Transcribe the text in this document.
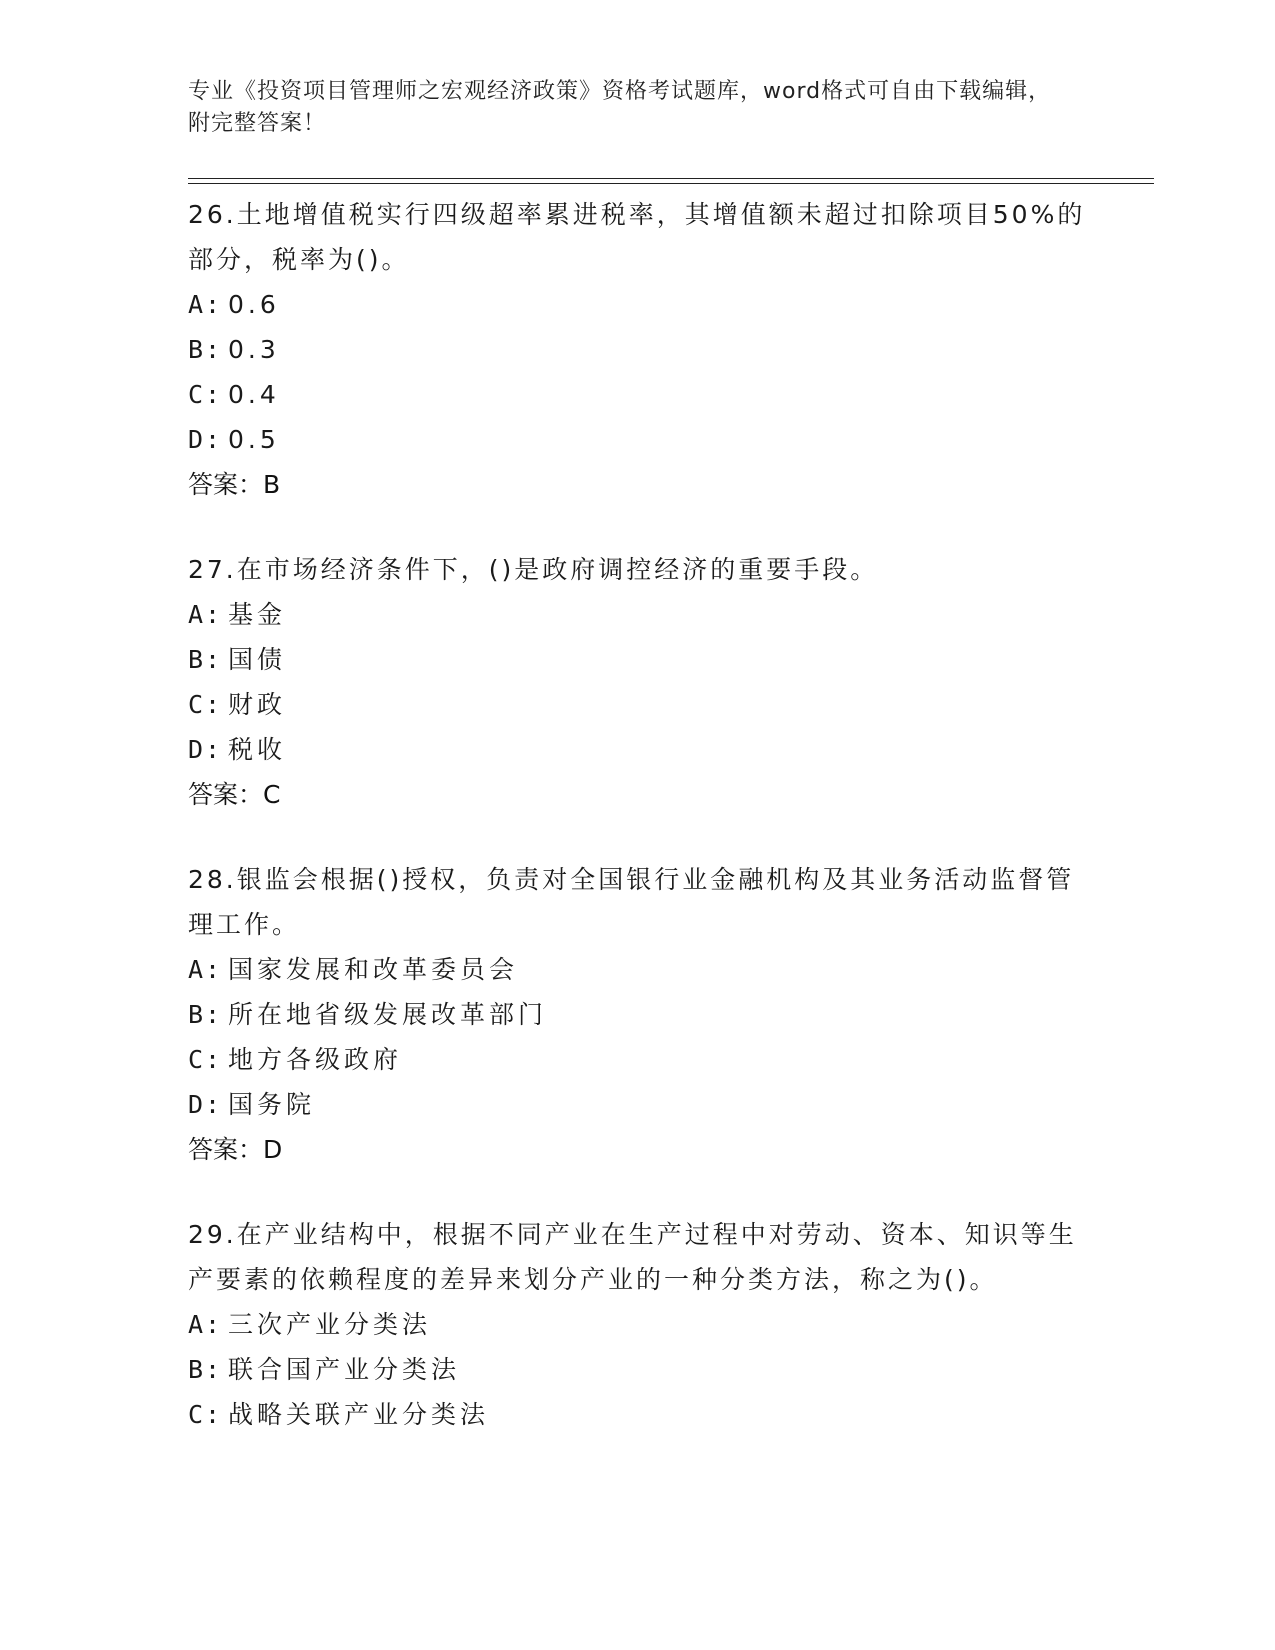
专业《投资项目管理师之宏观经济政策》资格考试题库，word格式可自由下载编辑，附完整答案！

26.土地增值税实行四级超率累进税率，其增值额未超过扣除项目50%的部分，税率为()。

A: 0.6

B: 0.3

C: 0.4

D: 0.5

答案：B

27.在市场经济条件下，()是政府调控经济的重要手段。

A: 基金

B: 国债

C: 财政

D: 税收

答案：C

28.银监会根据()授权，负责对全国银行业金融机构及其业务活动监督管理工作。

A: 国家发展和改革委员会

B: 所在地省级发展改革部门

C: 地方各级政府

D: 国务院

答案：D

29.在产业结构中，根据不同产业在生产过程中对劳动、资本、知识等生产要素的依赖程度的差异来划分产业的一种分类方法，称之为()。

A: 三次产业分类法

B: 联合国产业分类法

C: 战略关联产业分类法
